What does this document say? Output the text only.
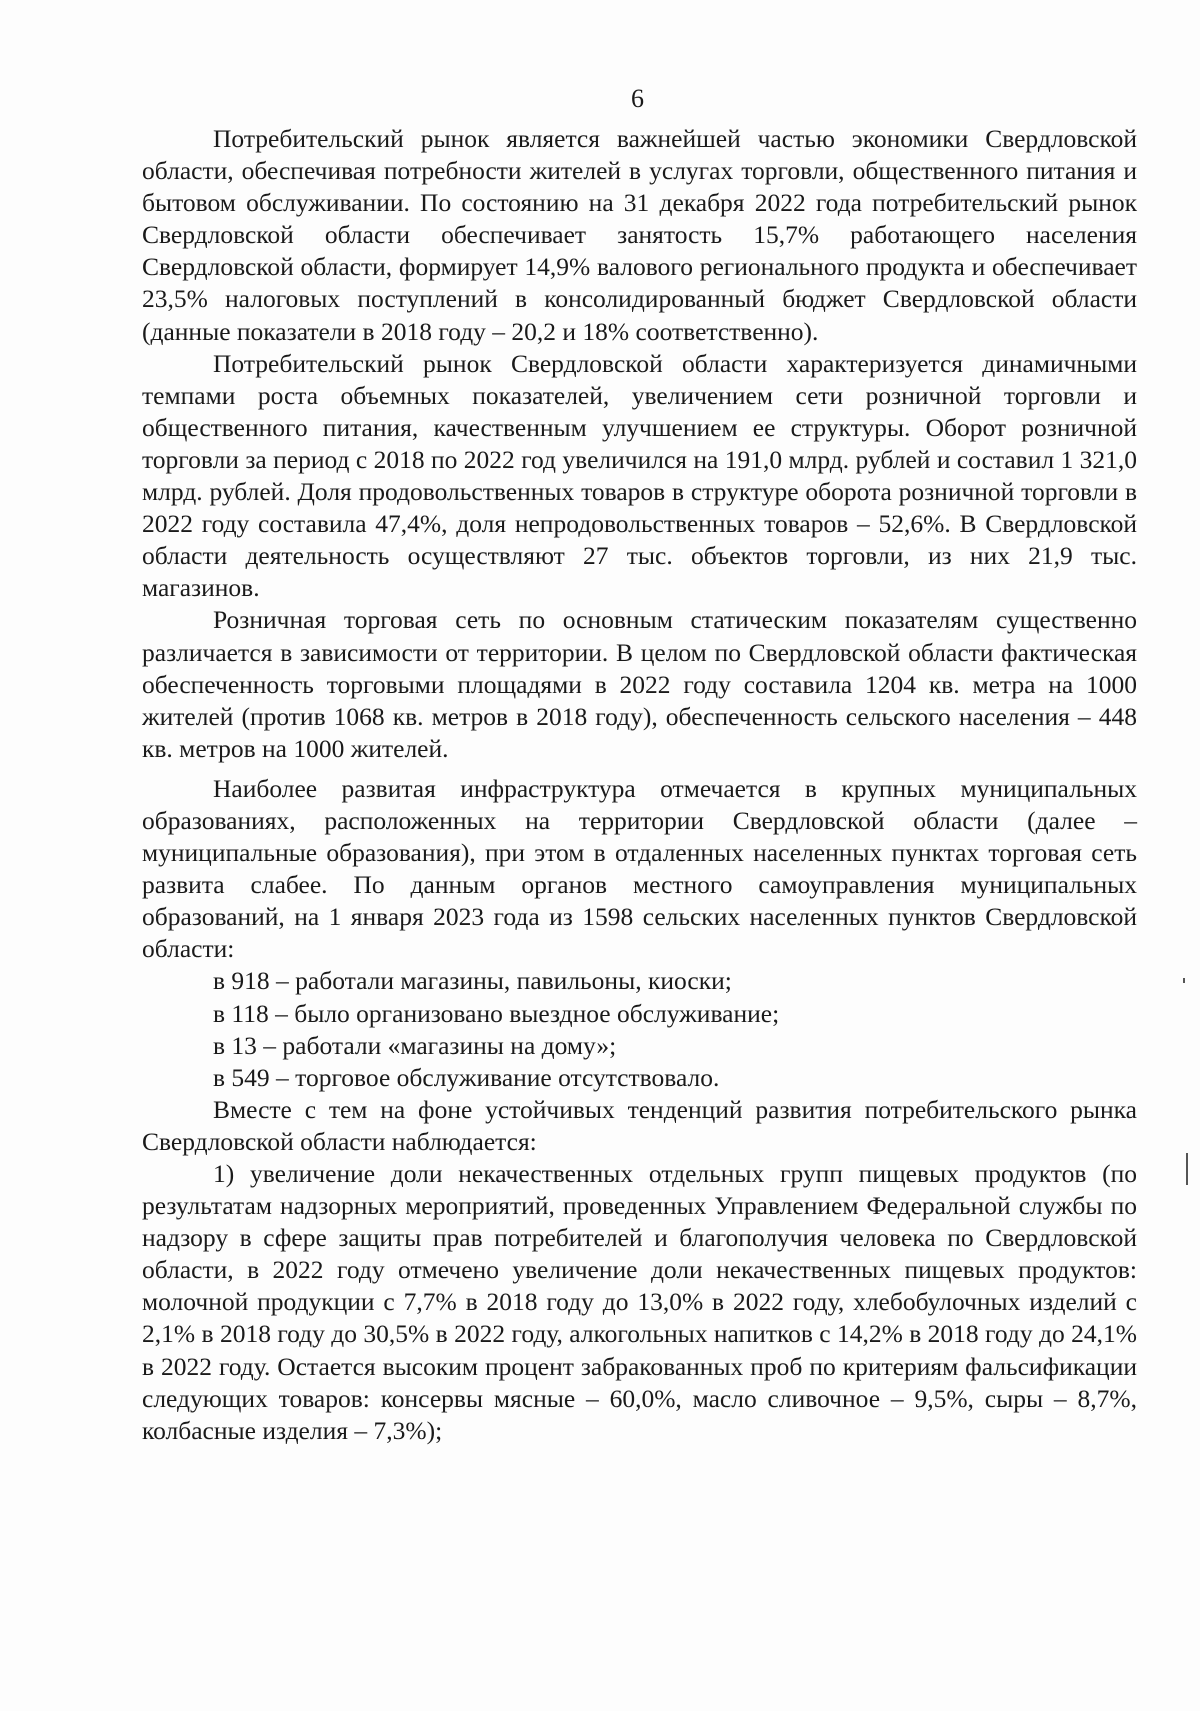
6

Потребительский рынок является важнейшей частью экономики Свердловской области, обеспечивая потребности жителей в услугах торговли, общественного питания и бытовом обслуживании. По состоянию на 31 декабря 2022 года потребительский рынок Свердловской области обеспечивает занятость 15,7% работающего населения Свердловской области, формирует 14,9% валового регионального продукта и обеспечивает 23,5% налоговых поступлений в консолидированный бюджет Свердловской области (данные показатели в 2018 году – 20,2 и 18% соответственно).

Потребительский рынок Свердловской области характеризуется динамичными темпами роста объемных показателей, увеличением сети розничной торговли и общественного питания, качественным улучшением ее структуры. Оборот розничной торговли за период с 2018 по 2022 год увеличился на 191,0 млрд. рублей и составил 1 321,0 млрд. рублей. Доля продовольственных товаров в структуре оборота розничной торговли в 2022 году составила 47,4%, доля непродовольственных товаров – 52,6%. В Свердловской области деятельность осуществляют 27 тыс. объектов торговли, из них 21,9 тыс. магазинов.

Розничная торговая сеть по основным статическим показателям существенно различается в зависимости от территории. В целом по Свердловской области фактическая обеспеченность торговыми площадями в 2022 году составила 1204 кв. метра на 1000 жителей (против 1068 кв. метров в 2018 году), обеспеченность сельского населения – 448 кв. метров на 1000 жителей.

Наиболее развитая инфраструктура отмечается в крупных муниципальных образованиях, расположенных на территории Свердловской области (далее – муниципальные образования), при этом в отдаленных населенных пунктах торговая сеть развита слабее. По данным органов местного самоуправления муниципальных образований, на 1 января 2023 года из 1598 сельских населенных пунктов Свердловской области:

в 918 – работали магазины, павильоны, киоски;

в 118 – было организовано выездное обслуживание;

в 13 – работали «магазины на дому»;

в 549 – торговое обслуживание отсутствовало.

Вместе с тем на фоне устойчивых тенденций развития потребительского рынка Свердловской области наблюдается:

1) увеличение доли некачественных отдельных групп пищевых продуктов (по результатам надзорных мероприятий, проведенных Управлением Федеральной службы по надзору в сфере защиты прав потребителей и благополучия человека по Свердловской области, в 2022 году отмечено увеличение доли некачественных пищевых продуктов: молочной продукции с 7,7% в 2018 году до 13,0% в 2022 году, хлебобулочных изделий с 2,1% в 2018 году до 30,5% в 2022 году, алкогольных напитков с 14,2% в 2018 году до 24,1% в 2022 году. Остается высоким процент забракованных проб по критериям фальсификации следующих товаров: консервы мясные – 60,0%, масло сливочное – 9,5%, сыры – 8,7%, колбасные изделия – 7,3%);
